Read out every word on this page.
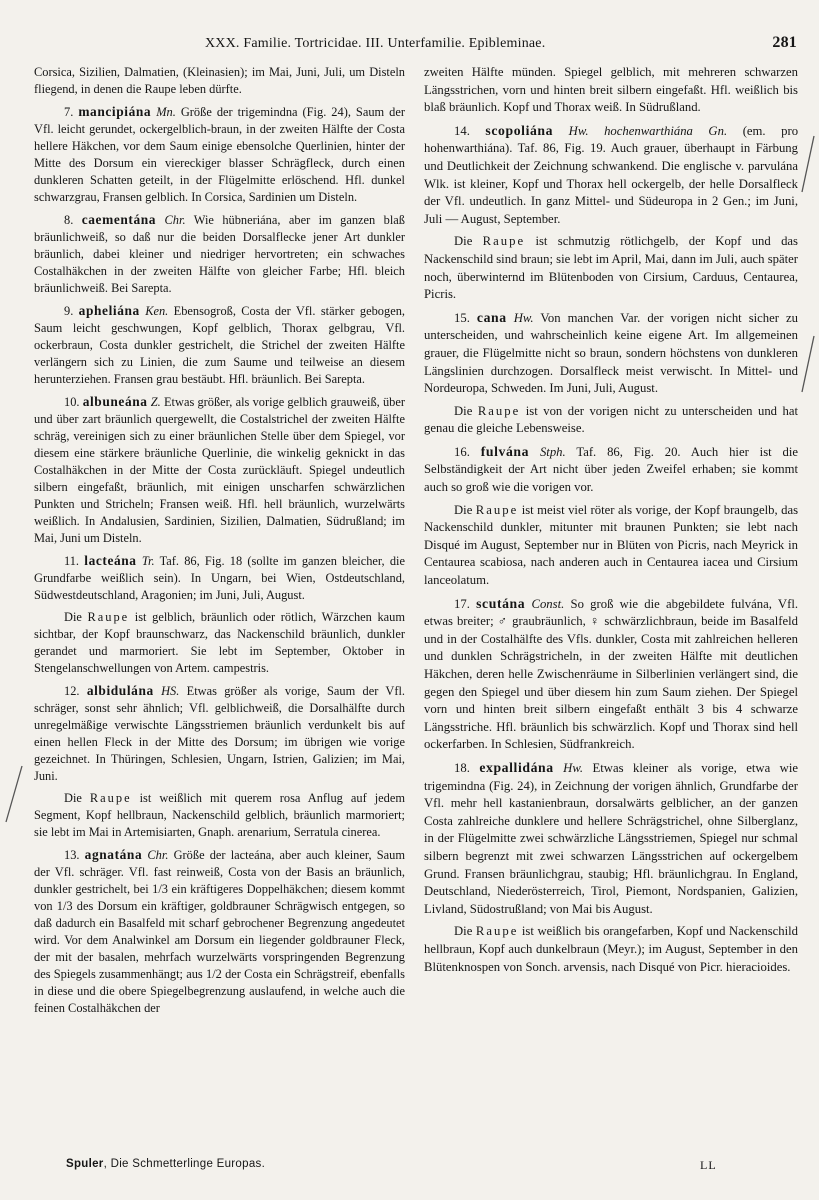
XXX. Familie. Tortricidae. III. Unterfamilie. Epibleminae.	281

Corsica, Sizilien, Dalmatien, (Kleinasien); im Mai, Juni, Juli, um Disteln fliegend, in denen die Raupe leben dürfte.

7. mancipiána Mn. Größe der trigemindna (Fig. 24), Saum der Vfl. leicht gerundet, ockergelblich-braun, in der zweiten Hälfte der Costa hellere Häkchen, vor dem Saum einige ebensolche Querlinien, hinter der Mitte des Dorsum ein viereckiger blasser Schrägfleck, durch einen dunkleren Schatten geteilt, in der Flügelmitte erlöschend. Hfl. dunkel schwarzgrau, Fransen gelblich. In Corsica, Sardinien um Disteln.

8. caementána Chr. Wie hübneriána, aber im ganzen blaß bräunlichweiß, so daß nur die beiden Dorsalflecke jener Art dunkler bräunlich, dabei kleiner und niedriger hervortreten; ein schwaches Costalhäkchen in der zweiten Hälfte von gleicher Farbe; Hfl. bleich bräunlichweiß. Bei Sarepta.

9. apheliána Ken. Ebensogroß, Costa der Vfl. stärker gebogen, Saum leicht geschwungen, Kopf gelblich, Thorax gelbgrau, Vfl. ockerbraun, Costa dunkler gestrichelt, die Strichel der zweiten Hälfte verlängern sich zu Linien, die zum Saume und teilweise an diesem herunterziehen. Fransen grau bestäubt. Hfl. bräunlich. Bei Sarepta.

10. albuneána Z. Etwas größer, als vorige gelblich grauweiß, über und über zart bräunlich quergewellt, die Costalstrichel der zweiten Hälfte schräg, vereinigen sich zu einer bräunlichen Stelle über dem Spiegel, vor diesem eine stärkere bräunliche Querlinie, die winkelig geknickt in das Costalhäkchen in der Mitte der Costa zurückläuft. Spiegel undeutlich silbern eingefaßt, bräunlich, mit einigen unscharfen schwärzlichen Punkten und Stricheln; Fransen weiß. Hfl. hell bräunlich, wurzelwärts weißlich. In Andalusien, Sardinien, Sizilien, Dalmatien, Südrußland; im Mai, Juni um Disteln.

11. lacteána Tr. Taf. 86, Fig. 18 (sollte im ganzen bleicher, die Grundfarbe weißlich sein). In Ungarn, bei Wien, Ostdeutschland, Südwestdeutschland, Aragonien; im Juni, Juli, August.

Die Raupe ist gelblich, bräunlich oder rötlich, Wärzchen kaum sichtbar, der Kopf braunschwarz, das Nackenschild bräunlich, dunkler gerandet und marmoriert. Sie lebt im September, Oktober in Stengelanschwellungen von Artem. campestris.

12. albidulána HS. Etwas größer als vorige, Saum der Vfl. schräger, sonst sehr ähnlich; Vfl. gelblichweiß, die Dorsalhälfte durch unregelmäßige verwischte Längsstriemen bräunlich verdunkelt bis auf einen hellen Fleck in der Mitte des Dorsum; im übrigen wie vorige gezeichnet. In Thüringen, Schlesien, Ungarn, Istrien, Galizien; im Mai, Juni.

Die Raupe ist weißlich mit querem rosa Anflug auf jedem Segment, Kopf hellbraun, Nackenschild gelblich, bräunlich marmoriert; sie lebt im Mai in Artemisiarten, Gnaph. arenarium, Serratula cinerea.

13. agnatána Chr. Größe der lacteána, aber auch kleiner, Saum der Vfl. schräger. Vfl. fast reinweiß, Costa von der Basis an bräunlich, dunkler gestrichelt, bei 1/3 ein kräftigeres Doppelhäkchen; diesem kommt von 1/3 des Dorsum ein kräftiger, goldbrauner Schrägwisch entgegen, so daß dadurch ein Basalfeld mit scharf gebrochener Begrenzung angedeutet wird. Vor dem Analwinkel am Dorsum ein liegender goldbrauner Fleck, der mit der basalen, mehrfach wurzelwärts vorspringenden Begrenzung des Spiegels zusammenhängt; aus 1/2 der Costa ein Schrägstreif, ebenfalls in diese und die obere Spiegelbegrenzung auslaufend, in welche auch die feinen Costalhäkchen der

zweiten Hälfte münden. Spiegel gelblich, mit mehreren schwarzen Längsstrichen, vorn und hinten breit silbern eingefaßt. Hfl. weißlich bis blaß bräunlich. Kopf und Thorax weiß. In Südrußland.

14. scopoliána Hw. hochenwarthiána Gn. (em. pro hohenwarthiána). Taf. 86, Fig. 19. Auch grauer, überhaupt in Färbung und Deutlichkeit der Zeichnung schwankend. Die englische v. parvulána Wlk. ist kleiner, Kopf und Thorax hell ockergelb, der helle Dorsalfleck der Vfl. undeutlich. In ganz Mittel- und Südeuropa in 2 Gen.; im Juni, Juli — August, September.

Die Raupe ist schmutzig rötlichgelb, der Kopf und das Nackenschild sind braun; sie lebt im April, Mai, dann im Juli, auch später noch, überwinternd im Blütenboden von Cirsium, Carduus, Centaurea, Picris.

15. cana Hw. Von manchen Var. der vorigen nicht sicher zu unterscheiden, und wahrscheinlich keine eigene Art. Im allgemeinen grauer, die Flügelmitte nicht so braun, sondern höchstens von dunkleren Längslinien durchzogen. Dorsalfleck meist verwischt. In Mittel- und Nordeuropa, Schweden. Im Juni, Juli, August.

Die Raupe ist von der vorigen nicht zu unterscheiden und hat genau die gleiche Lebensweise.

16. fulvána Stph. Taf. 86, Fig. 20. Auch hier ist die Selbständigkeit der Art nicht über jeden Zweifel erhaben; sie kommt auch so groß wie die vorigen vor.

Die Raupe ist meist viel röter als vorige, der Kopf braungelb, das Nackenschild dunkler, mitunter mit braunen Punkten; sie lebt nach Disqué im August, September nur in Blüten von Picris, nach Meyrick in Centaurea scabiosa, nach anderen auch in Centaurea iacea und Cirsium lanceolatum.

17. scutána Const. So groß wie die abgebildete fulvána, Vfl. etwas breiter; ♂ graubräunlich, ♀ schwärzlichbraun, beide im Basalfeld und in der Costalhälfte des Vfls. dunkler, Costa mit zahlreichen helleren und dunklen Schrägstricheln, in der zweiten Hälfte mit deutlichen Häkchen, deren helle Zwischenräume in Silberlinien verlängert sind, die gegen den Spiegel und über diesem hin zum Saum ziehen. Der Spiegel vorn und hinten breit silbern eingefaßt enthält 3 bis 4 schwarze Längsstriche. Hfl. bräunlich bis schwärzlich. Kopf und Thorax sind hell ockerfarben. In Schlesien, Südfrankreich.

18. expallidána Hw. Etwas kleiner als vorige, etwa wie trigemindna (Fig. 24), in Zeichnung der vorigen ähnlich, Grundfarbe der Vfl. mehr hell kastanienbraun, dorsalwärts gelblicher, an der ganzen Costa zahlreiche dunklere und hellere Schrägstrichel, ohne Silberglanz, in der Flügelmitte zwei schwärzliche Längsstriemen, Spiegel nur schmal silbern begrenzt mit zwei schwarzen Längsstrichen auf ockergelbem Grund. Fransen bräunlichgrau, staubig; Hfl. bräunlichgrau. In England, Deutschland, Niederösterreich, Tirol, Piemont, Nordspanien, Galizien, Livland, Südostrußland; von Mai bis August.

Die Raupe ist weißlich bis orangefarben, Kopf und Nackenschild hellbraun, Kopf auch dunkelbraun (Meyr.); im August, September in den Blütenknospen von Sonch. arvensis, nach Disqué von Picr. hieracioides.

Spuler, Die Schmetterlinge Europas.	LL
